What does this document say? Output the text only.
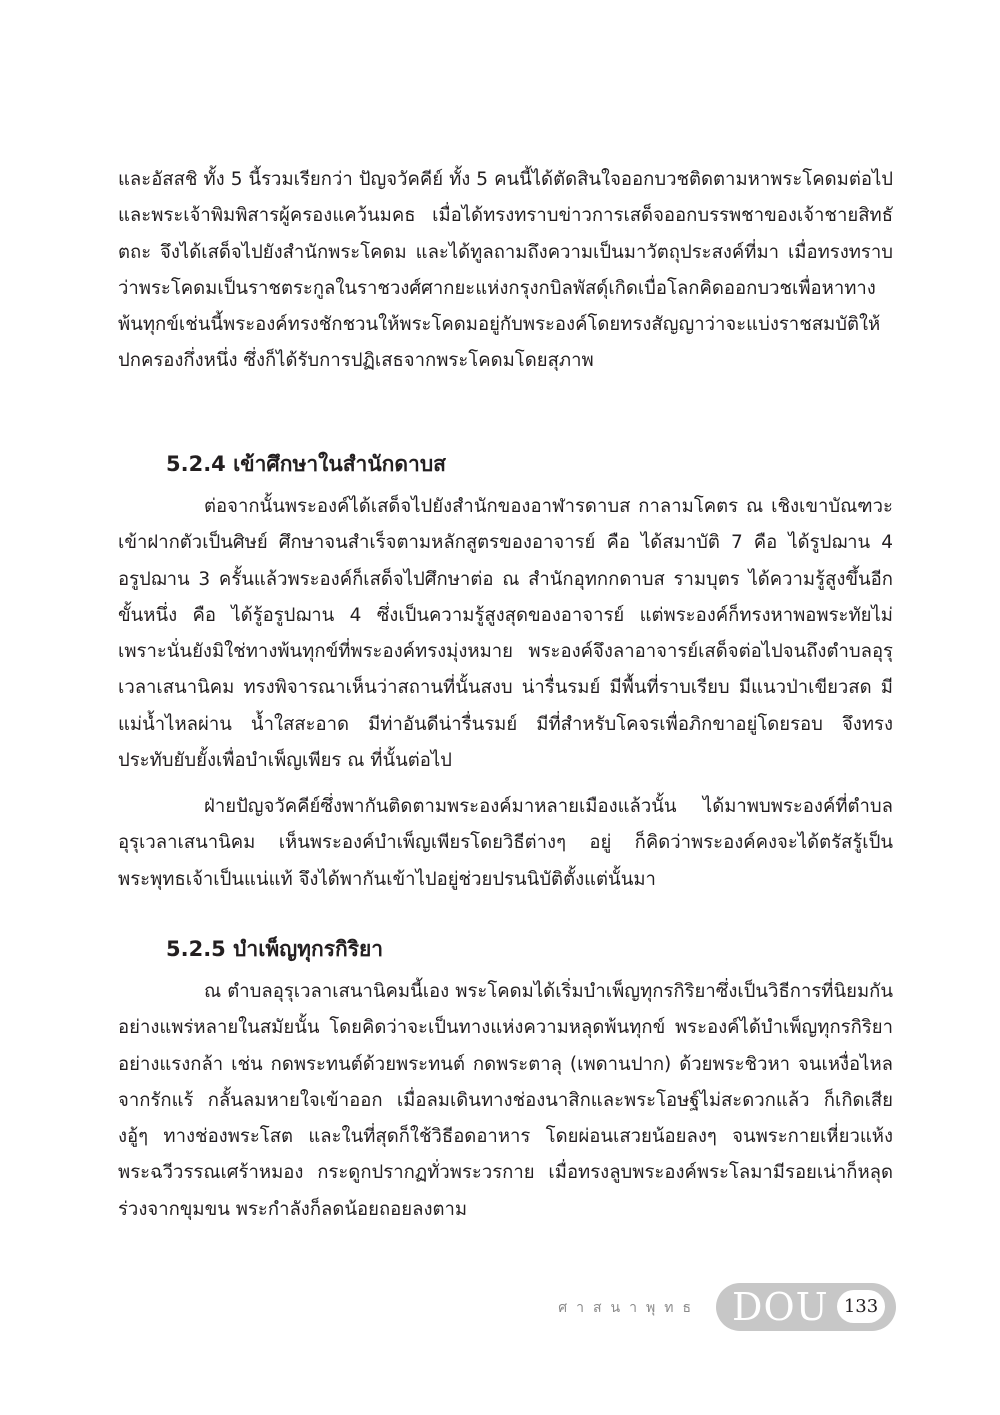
และอัสสชิ ทั้ง 5 นี้รวมเรียกว่า ปัญจวัคคีย์ ทั้ง 5 คนนี้ได้ตัดสินใจออกบวชติดตามหาพระโคดมต่อไป และพระเจ้าพิมพิสารผู้ครองแคว้นมคธ เมื่อได้ทรงทราบข่าวการเสด็จออกบรรพชาของเจ้าชายสิทธัตถะ จึงได้เสด็จไปยังสำนักพระโคดม และได้ทูลถามถึงความเป็นมาวัตถุประสงค์ที่มา เมื่อทรงทราบว่าพระโคดมเป็นราชตระกูลในราชวงศ์ศากยะแห่งกรุงกบิลพัสดุ์เกิดเบื่อโลกคิดออกบวชเพื่อหาทางพ้นทุกข์เช่นนี้พระองค์ทรงชักชวนให้พระโคดมอยู่กับพระองค์โดยทรงสัญญาว่าจะแบ่งราชสมบัติให้ปกครองกึ่งหนึ่ง ซึ่งก็ได้รับการปฏิเสธจากพระโคดมโดยสุภาพ

5.2.4 เข้าศึกษาในสำนักดาบส

ต่อจากนั้นพระองค์ได้เสด็จไปยังสำนักของอาฬารดาบส กาลามโคตร ณ เชิงเขาบัณฑวะ เข้าฝากตัวเป็นศิษย์ ศึกษาจนสำเร็จตามหลักสูตรของอาจารย์ คือ ได้สมาบัติ 7 คือ ได้รูปฌาน 4 อรูปฌาน 3 ครั้นแล้วพระองค์ก็เสด็จไปศึกษาต่อ ณ สำนักอุทกกดาบส รามบุตร ได้ความรู้สูงขึ้นอีกขั้นหนึ่ง คือ ได้รู้อรูปฌาน 4 ซึ่งเป็นความรู้สูงสุดของอาจารย์ แต่พระองค์ก็ทรงหาพอพระทัยไม่ เพราะนั่นยังมิใช่ทางพ้นทุกข์ที่พระองค์ทรงมุ่งหมาย พระองค์จึงลาอาจารย์เสด็จต่อไปจนถึงตำบลอุรุเวลาเสนานิคม ทรงพิจารณาเห็นว่าสถานที่นั้นสงบ น่ารื่นรมย์ มีพื้นที่ราบเรียบ มีแนวป่าเขียวสด มีแม่น้ำไหลผ่าน น้ำใสสะอาด มีท่าอันดีน่ารื่นรมย์ มีที่สำหรับโคจรเพื่อภิกขาอยู่โดยรอบ จึงทรงประทับยับยั้งเพื่อบำเพ็ญเพียร ณ ที่นั้นต่อไป

ฝ่ายปัญจวัคคีย์ซึ่งพากันติดตามพระองค์มาหลายเมืองแล้วนั้น ได้มาพบพระองค์ที่ตำบลอุรุเวลาเสนานิคม เห็นพระองค์บำเพ็ญเพียรโดยวิธีต่างๆ อยู่ ก็คิดว่าพระองค์คงจะได้ตรัสรู้เป็นพระพุทธเจ้าเป็นแน่แท้ จึงได้พากันเข้าไปอยู่ช่วยปรนนิบัติตั้งแต่นั้นมา

5.2.5 บำเพ็ญทุกรกิริยา

ณ ตำบลอุรุเวลาเสนานิคมนี้เอง พระโคดมได้เริ่มบำเพ็ญทุกรกิริยาซึ่งเป็นวิธีการที่นิยมกันอย่างแพร่หลายในสมัยนั้น โดยคิดว่าจะเป็นทางแห่งความหลุดพ้นทุกข์ พระองค์ได้บำเพ็ญทุกรกิริยาอย่างแรงกล้า เช่น กดพระทนต์ด้วยพระทนต์ กดพระตาลุ (เพดานปาก) ด้วยพระชิวหา จนเหงื่อไหลจากรักแร้ กลั้นลมหายใจเข้าออก เมื่อลมเดินทางช่องนาสิกและพระโอษฐ์ไม่สะดวกแล้ว ก็เกิดเสียงอู้ๆ ทางช่องพระโสต และในที่สุดก็ใช้วิธีอดอาหาร โดยผ่อนเสวยน้อยลงๆ จนพระกายเหี่ยวแห้ง พระฉวีวรรณเศร้าหมอง กระดูกปรากฏทั่วพระวรกาย เมื่อทรงลูบพระองค์พระโลมามีรอยเน่าก็หลุดร่วงจากขุมขน พระกำลังก็ลดน้อยถอยลงตาม

ศาสนาพุทธ DOU 133
